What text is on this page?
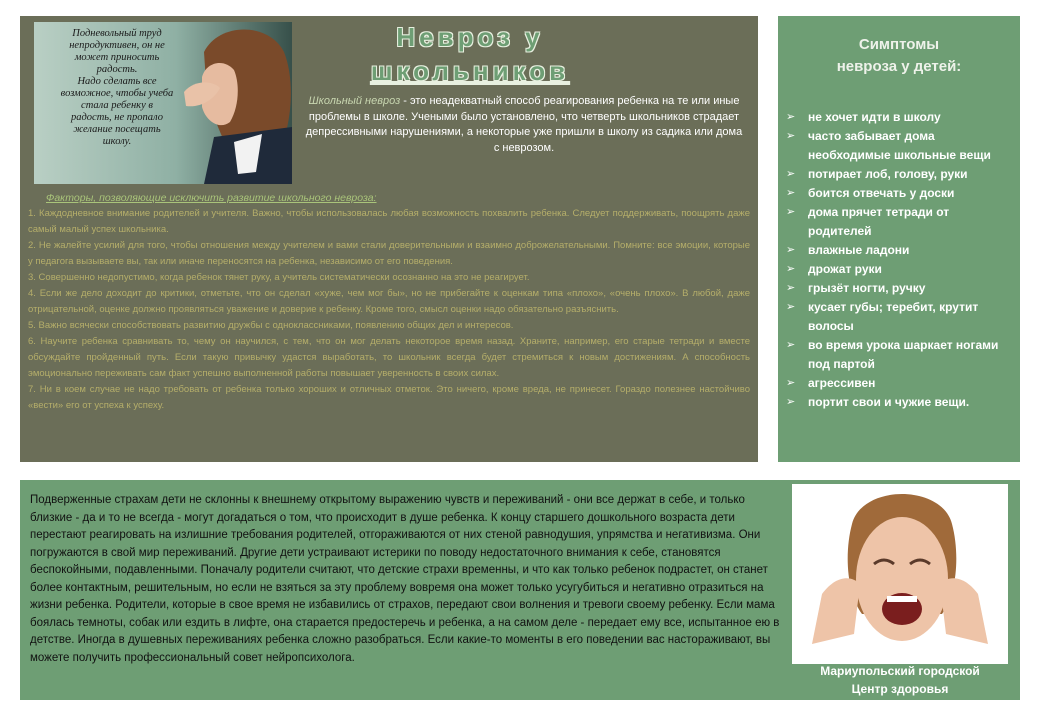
Подневольный труд
непродуктивен, он не
может приносить
радость.
Надо сделать все
возможное, чтобы учеба
стала ребенку в
радость, не пропало
желание посещать
школу.

Невроз у
школьников

Школьный невроз - это неадекватный способ реагирования ребенка на те или иные проблемы в школе. Учеными было установлено, что четверть школьников страдает депрессивными нарушениями, а некоторые уже пришли в школу из садика или дома с неврозом.

Факторы, позволяющие исключить развитие школьного невроза:

1. Каждодневное внимание родителей и учителя. Важно, чтобы использовалась любая возможность похвалить ребенка. Следует поддерживать, поощрять даже самый малый успех школьника.
2. Не жалейте усилий для того, чтобы отношения между учителем и вами стали доверительными и взаимно доброжелательными. Помните: все эмоции, которые у педагога вызываете вы, так или иначе переносятся на ребенка, независимо от его поведения.
3. Совершенно недопустимо, когда ребенок тянет руку, а учитель систематически осознанно на это не реагирует.
4. Если же дело доходит до критики, отметьте, что он сделал «хуже, чем мог бы», но не прибегайте к оценкам типа «плохо», «очень плохо». В любой, даже отрицательной, оценке должно проявляться уважение и доверие к ребенку. Кроме того, смысл оценки надо обязательно разъяснить.
5. Важно всячески способствовать развитию дружбы с одноклассниками, появлению общих дел и интересов.
6. Научите ребенка сравнивать то, чему он научился, с тем, что он мог делать некоторое время назад. Храните, например, его старые тетради и вместе обсуждайте пройденный путь. Если такую привычку удастся выработать, то школьник всегда будет стремиться к новым достижениям. А способность эмоционально переживать сам факт успешно выполненной работы повышает уверенность в своих силах.
7. Ни в коем случае не надо требовать от ребенка только хороших и отличных отметок. Это ничего, кроме вреда, не принесет. Гораздо полезнее настойчиво «вести» его от успеха к успеху.
Симптомы
невроза у детей:
➢ не хочет идти в школу
➢ часто забывает дома необходимые школьные вещи
➢ потирает лоб, голову, руки
➢ боится отвечать у доски
➢ дома прячет тетради от родителей
➢ влажные ладони
➢ дрожат руки
➢ грызёт ногти, ручку
➢ кусает губы; теребит, крутит волосы
➢ во время урока шаркает ногами под партой
➢ агрессивен
➢ портит свои и чужие вещи.

Подверженные страхам дети не склонны к внешнему открытому выражению чувств и переживаний - они все держат в себе, и только близкие - да и то не всегда - могут догадаться о том, что происходит в душе ребенка. К концу старшего дошкольного возраста дети перестают реагировать на излишние требования родителей, отгораживаются от них стеной равнодушия, упрямства и негативизма. Они погружаются в свой мир переживаний. Другие дети устраивают истерики по поводу недостаточного внимания к себе, становятся беспокойными, подавленными. Поначалу родители считают, что детские страхи временны, и что как только ребенок подрастет, он станет более контактным, решительным, но если не взяться за эту проблему вовремя она может только усугубиться и негативно отразиться на жизни ребенка. Родители, которые в свое время не избавились от страхов, передают свои волнения и тревоги своему ребенку. Если мама боялась темноты, собак или ездить в лифте, она старается предостеречь и ребенка, а на самом деле - передает ему все, испытанное ею в детстве. Иногда в душевных переживаниях ребенка сложно разобраться. Если какие-то моменты в его поведении вас настораживают, вы можете получить профессиональный совет нейропсихолога.

Мариупольский городской
Центр здоровья
